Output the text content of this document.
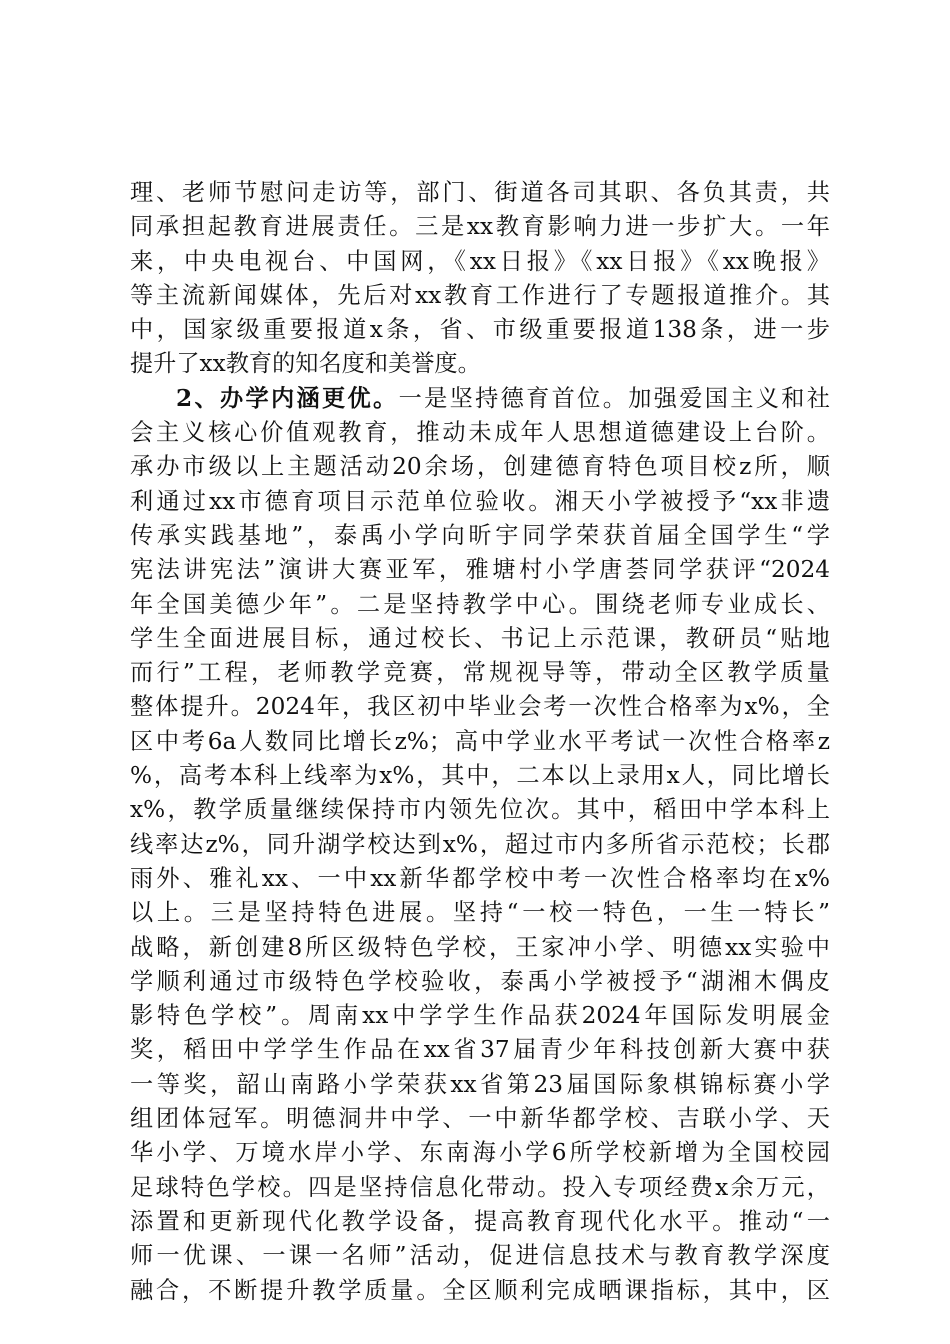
理、老师节慰问走访等，部门、街道各司其职、各负其责，共
同承担起教育进展责任。三是xx教育影响力进一步扩大。一年
来，中央电视台、中国网，《xx日报》《xx日报》《xx晚报》
等主流新闻媒体，先后对xx教育工作进行了专题报道推介。其
中，国家级重要报道x条，省、市级重要报道138条，进一步
提升了xx教育的知名度和美誉度。
2、办学内涵更优。一是坚持德育首位。加强爱国主义和社
会主义核心价值观教育，推动未成年人思想道德建设上台阶。
承办市级以上主题活动20余场，创建德育特色项目校z所，顺
利通过xx市德育项目示范单位验收。湘天小学被授予“xx非遗
传承实践基地”，泰禹小学向昕宇同学荣获首届全国学生“学
宪法讲宪法”演讲大赛亚军，雅塘村小学唐荟同学获评“2024
年全国美德少年”。二是坚持教学中心。围绕老师专业成长、
学生全面进展目标，通过校长、书记上示范课，教研员“贴地
而行”工程，老师教学竞赛，常规视导等，带动全区教学质量
整体提升。2024年，我区初中毕业会考一次性合格率为x%，全
区中考6a人数同比增长z%；高中学业水平考试一次性合格率z
%，高考本科上线率为x%，其中，二本以上录用x人，同比增长
x%，教学质量继续保持市内领先位次。其中，稻田中学本科上
线率达z%，同升湖学校达到x%，超过市内多所省示范校；长郡
雨外、雅礼xx、一中xx新华都学校中考一次性合格率均在x%
以上。三是坚持特色进展。坚持“一校一特色，一生一特长”
战略，新创建8所区级特色学校，王家冲小学、明德xx实验中
学顺利通过市级特色学校验收，泰禹小学被授予“湖湘木偶皮
影特色学校”。周南xx中学学生作品获2024年国际发明展金
奖，稻田中学学生作品在xx省37届青少年科技创新大赛中获
一等奖，韶山南路小学荣获xx省第23届国际象棋锦标赛小学
组团体冠军。明德洞井中学、一中新华都学校、吉联小学、天
华小学、万境水岸小学、东南海小学6所学校新增为全国校园
足球特色学校。四是坚持信息化带动。投入专项经费x余万元，
添置和更新现代化教学设备，提高教育现代化水平。推动“一
师一优课、一课一名师”活动，促进信息技术与教育教学深度
融合，不断提升教学质量。全区顺利完成晒课指标，其中，区
